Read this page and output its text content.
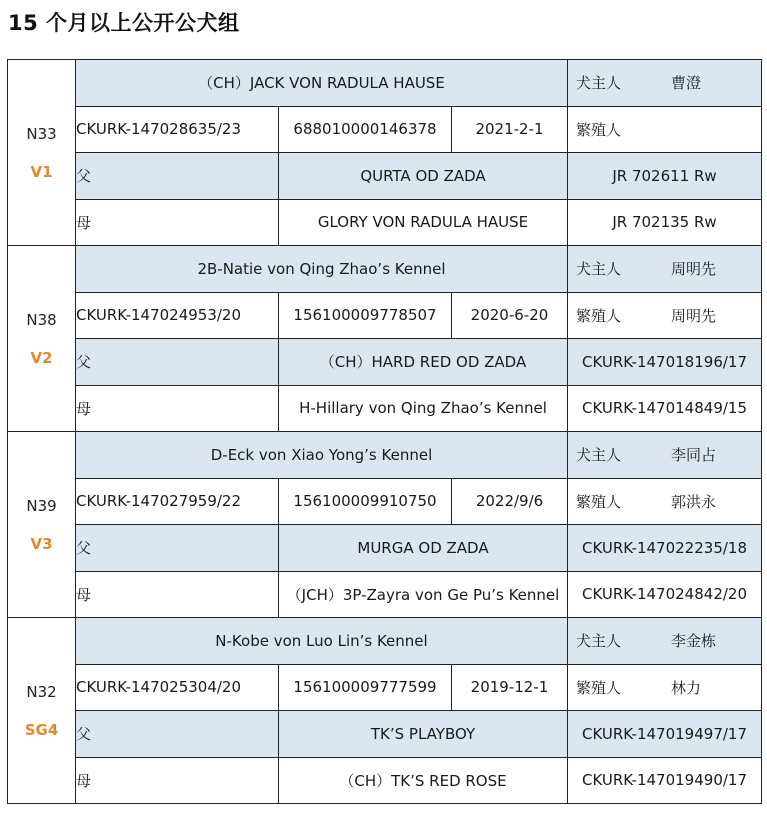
15 个月以上公开公犬组
N33
V1	（CH）JACK VON RADULA HAUSE			犬主人 曹澄

	CKURK-147028635/23	688010000146378	2021-2-1	繁殖人

	父	QURTA OD ZADA		JR 702611 Rw
	母	GLORY VON RADULA HAUSE		JR 702135 Rw

N38
V2	2B-Natie von Qing Zhao’s Kennel			犬主人 周明先

	CKURK-147024953/20	156100009778507	2020-6-20	繁殖人 周明先

	父	（CH）HARD RED OD ZADA		CKURK-147018196/17
	母	H-Hillary von Qing Zhao’s Kennel		CKURK-147014849/15

N39
V3	D-Eck von Xiao Yong’s Kennel			犬主人 李同占

	CKURK-147027959/22	156100009910750	2022/9/6	繁殖人 郭洪永

	父	MURGA OD ZADA		CKURK-147022235/18
	母	（JCH）3P-Zayra von Ge Pu’s Kennel		CKURK-147024842/20

N32
SG4	N-Kobe von Luo Lin’s Kennel			犬主人 李金栋

	CKURK-147025304/20	156100009777599	2019-12-1	繁殖人 林力

	父	TK’S PLAYBOY		CKURK-147019497/17
	母	（CH）TK’S RED ROSE		CKURK-147019490/17
